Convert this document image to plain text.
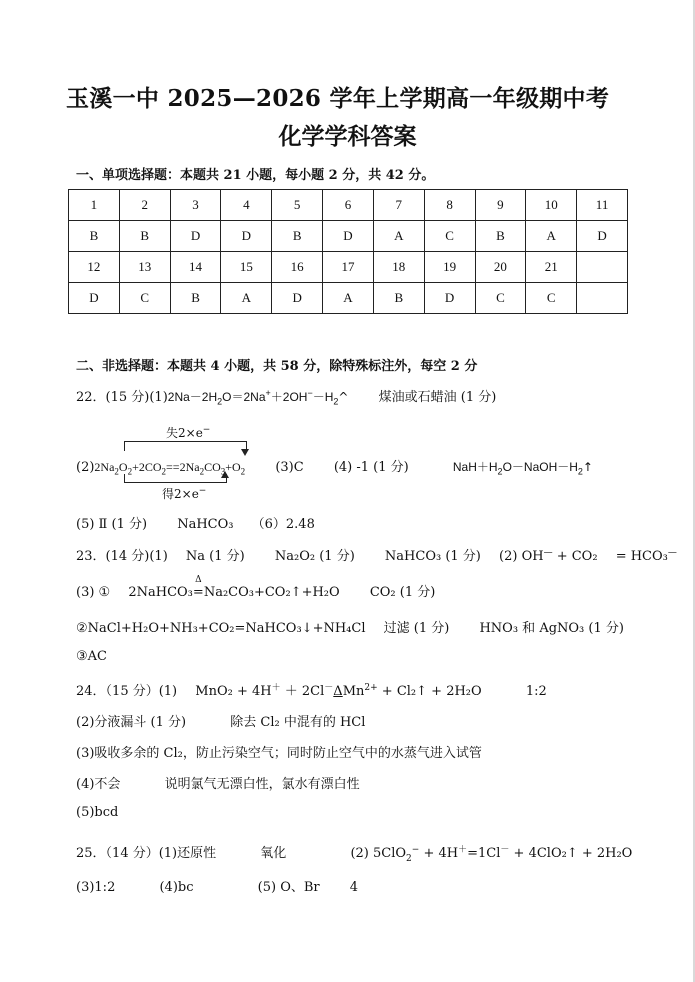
玉溪一中 2025—2026 学年上学期高一年级期中考
化学学科答案
一、单项选择题：本题共 21 小题，每小题 2 分，共 42 分。
1	2	3	4	5	6	7	8	9	10	11
B	B	D	D	B	D	A	C	B	A	D
12	13	14	15	16	17	18	19	20	21	
D	C	B	A	D	A	B	D	C	C	
二、非选择题：本题共 4 小题，共 58 分，除特殊标注外，每空 2 分
22．(15 分)$(1)2Na-2H_2O=2Na^++2OH^--H_2\^{}$ 煤油或石蜡油 (1 分)
失2×e−
$(2)2Na_2O_2+2CO_2==2Na_2CO_3+O_2$ (3)C (4) -1 (1 分)	$NaH+H_2O-NaOH-H_2↑$
得2×e−
(5) Ⅱ (1 分) NaHCO₃ （6）2.48
23．(14 分)(1) Na (1 分) Na₂O₂ (1 分) NaHCO₃ (1 分) (2) OH— + CO₂ = HCO₃—
(3) ① 2NaHCO₃
Δ
=Na₂CO₃+CO₂↑+H₂O CO₂ (1 分)
②NaCl+H₂O+NH₃+CO₂=NaHCO₃↓+NH₄Cl 过滤 (1 分) HNO₃ 和 AgNO₃ (1 分)
③AC
24．（15 分）(1) MnO₂ + 4H＋ ＋ 2Cl－ΔMn$^{2+}$ + Cl₂↑ + 2H₂O	1:2
(2)分液漏斗 (1 分)	除去 Cl₂ 中混有的 HCl
(3)吸收多余的 Cl₂，防止污染空气；同时防止空气中的水蒸气进入试管
(4)不会	说明氯气无漂白性，氯水有漂白性
(5)bcd
25．（14 分）(1)还原性	氧化	(2) 5ClO$_2$− + 4H＋=1Cl－ + 4ClO₂↑ + 2H₂O
(3)1:2	(4)bc	(5) O、Br 4
